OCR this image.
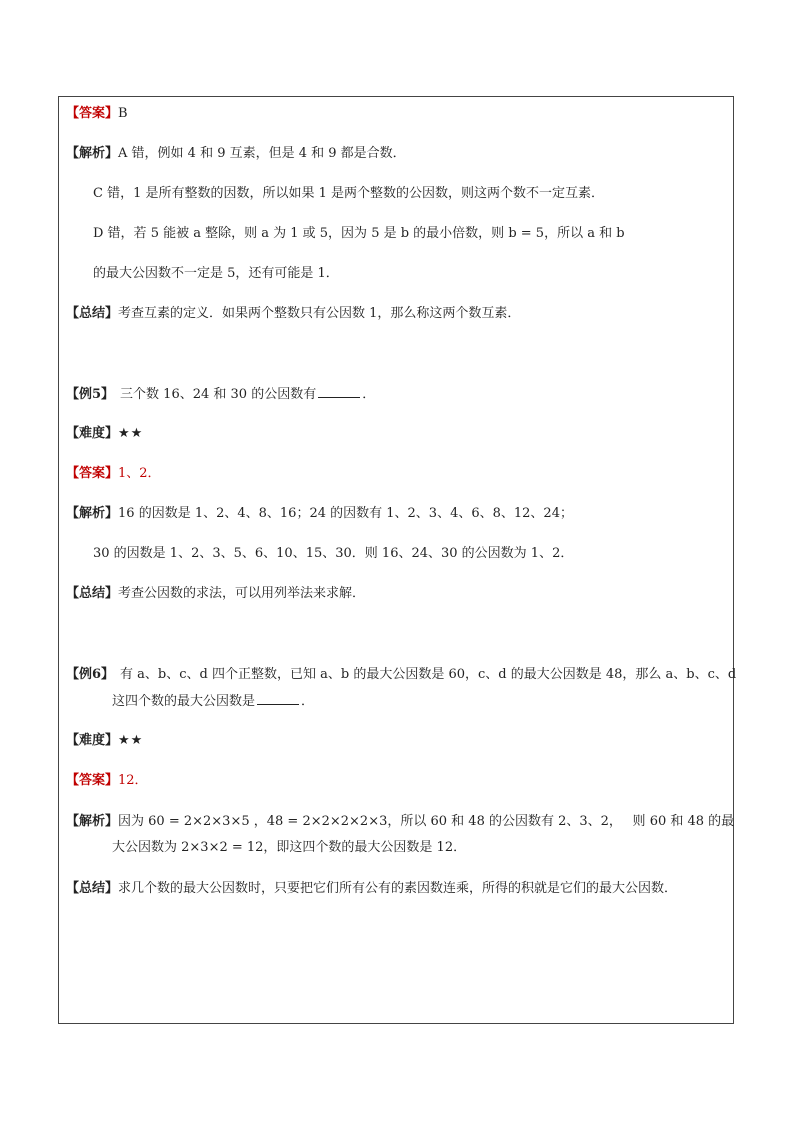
【答案】B
【解析】A 错，例如 4 和 9 互素，但是 4 和 9 都是合数．
C 错，1 是所有整数的因数，所以如果 1 是两个整数的公因数，则这两个数不一定互素．
D 错，若 5 能被 a 整除，则 a 为 1 或 5，因为 5 是 b 的最小倍数，则 b = 5，所以 a 和 b
的最大公因数不一定是 5，还有可能是 1．
【总结】考查互素的定义．如果两个整数只有公因数 1，那么称这两个数互素．
【例5】 三个数 16、24 和 30 的公因数有	．
【难度】★★
【答案】1、2．
【解析】16 的因数是 1、2、4、8、16；24 的因数有 1、2、3、4、6、8、12、24；
30 的因数是 1、2、3、5、6、10、15、30．则 16、24、30 的公因数为 1、2．
【总结】考查公因数的求法，可以用列举法来求解．
【例6】 有 a、b、c、d 四个正整数，已知 a、b 的最大公因数是 60，c、d 的最大公因数是 48，那么 a、b、c、d
这四个数的最大公因数是	．
【难度】★★
【答案】12．
【解析】因为 60 = 2×2×3×5 ，48 = 2×2×2×2×3，所以 60 和 48 的公因数有 2、3、2，　 则 60 和 48 的最
大公因数为 2×3×2 = 12，即这四个数的最大公因数是 12．
【总结】求几个数的最大公因数时，只要把它们所有公有的素因数连乘，所得的积就是它们的最大公因数．
